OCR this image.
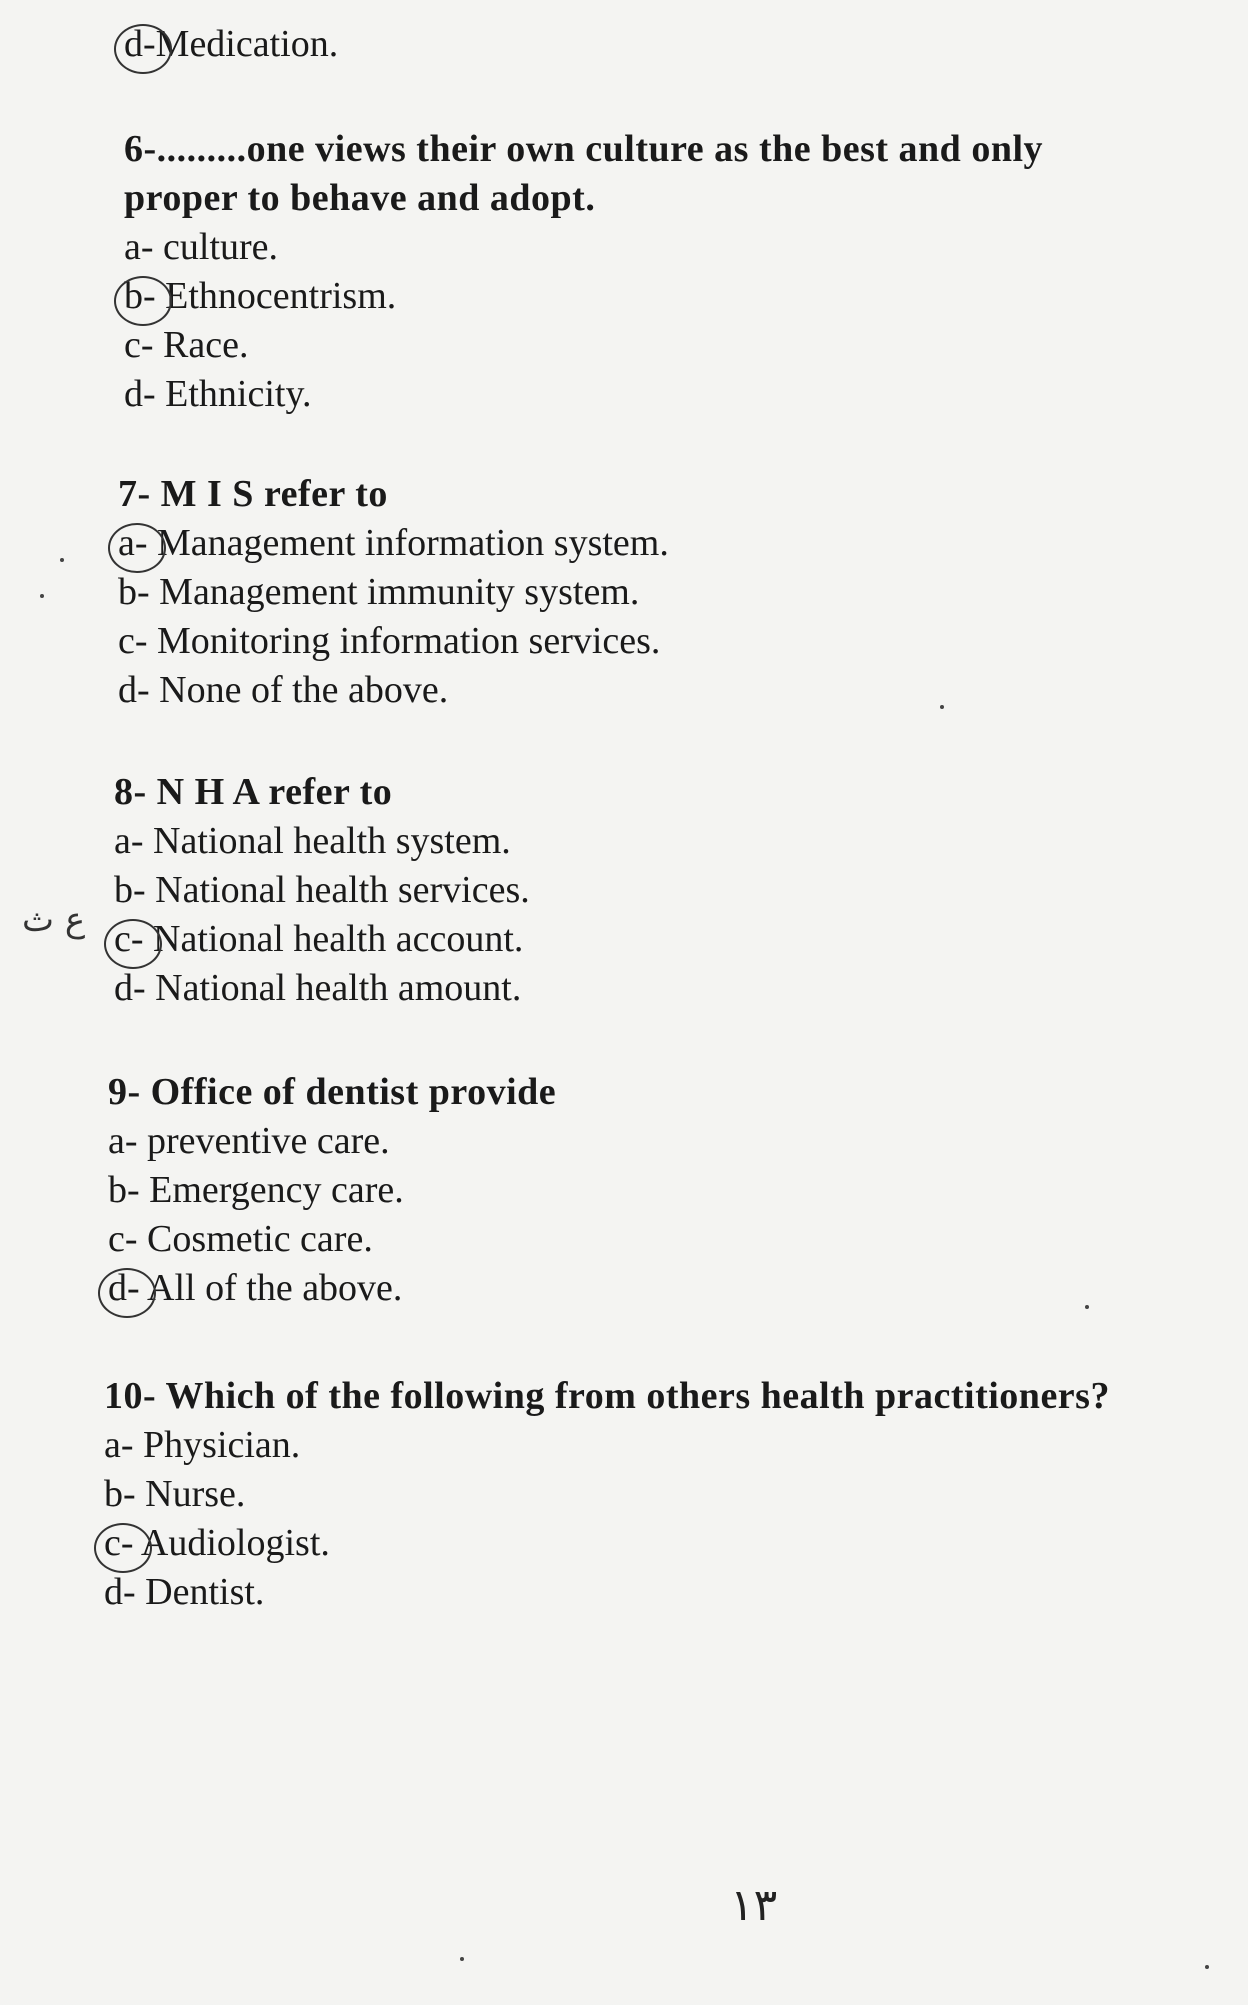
d-Medication.

6-.........one views their own culture as the best and only

proper to behave and adopt.

a- culture.

b- Ethnocentrism.

c- Race.

d- Ethnicity.

7- M I S refer to

a- Management information system.

b- Management immunity system.

c- Monitoring information services.

d- None of the above.

8- N H A refer to

a- National health system.

b- National health services.

c- National health account.

d- National health amount.

9- Office of dentist provide

a- preventive care.

b- Emergency care.

c- Cosmetic care.

d- All of the above.

10- Which of the following from others health practitioners?

a- Physician.

b- Nurse.

c- Audiologist.

d- Dentist.

ع ث
١٣
